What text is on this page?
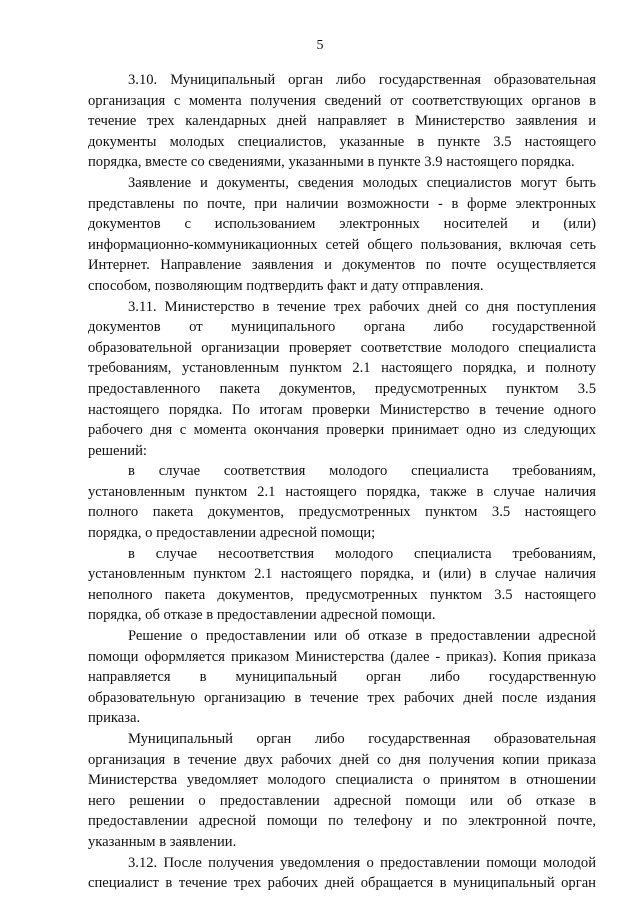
5
3.10. Муниципальный орган либо государственная образовательная
организация с момента получения сведений от соответствующих органов в
течение трех календарных дней направляет в Министерство заявления и
документы молодых специалистов, указанные в пункте 3.5 настоящего
порядка, вместе со сведениями, указанными в пункте 3.9 настоящего порядка.
Заявление и документы, сведения молодых специалистов могут быть
представлены по почте, при наличии возможности - в форме электронных
документов с использованием электронных носителей и (или)
информационно-коммуникационных сетей общего пользования, включая сеть
Интернет. Направление заявления и документов по почте осуществляется
способом, позволяющим подтвердить факт и дату отправления.
3.11. Министерство в течение трех рабочих дней со дня поступления
документов от муниципального органа либо государственной
образовательной организации проверяет соответствие молодого специалиста
требованиям, установленным пунктом 2.1 настоящего порядка, и полноту
предоставленного пакета документов, предусмотренных пунктом 3.5
настоящего порядка. По итогам проверки Министерство в течение одного
рабочего дня с момента окончания проверки принимает одно из следующих
решений:
в случае соответствия молодого специалиста требованиям,
установленным пунктом 2.1 настоящего порядка, также в случае наличия
полного пакета документов, предусмотренных пунктом 3.5 настоящего
порядка, о предоставлении адресной помощи;
в случае несоответствия молодого специалиста требованиям,
установленным пунктом 2.1 настоящего порядка, и (или) в случае наличия
неполного пакета документов, предусмотренных пунктом 3.5 настоящего
порядка, об отказе в предоставлении адресной помощи.
Решение о предоставлении или об отказе в предоставлении адресной
помощи оформляется приказом Министерства (далее - приказ). Копия приказа
направляется в муниципальный орган либо государственную
образовательную организацию в течение трех рабочих дней после издания
приказа.
Муниципальный орган либо государственная образовательная
организация в течение двух рабочих дней со дня получения копии приказа
Министерства уведомляет молодого специалиста о принятом в отношении
него решении о предоставлении адресной помощи или об отказе в
предоставлении адресной помощи по телефону и по электронной почте,
указанным в заявлении.
3.12. После получения уведомления о предоставлении помощи молодой
специалист в течение трех рабочих дней обращается в муниципальный орган
